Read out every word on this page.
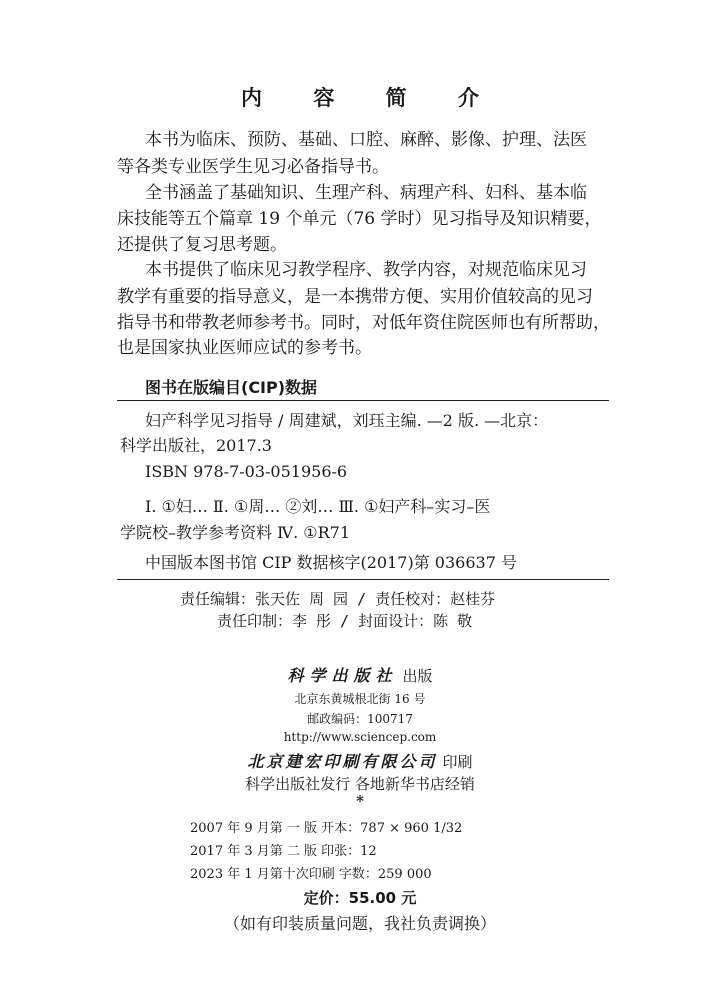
内 容 简 介
本书为临床、预防、基础、口腔、麻醉、影像、护理、法医
等各类专业医学生见习必备指导书。
全书涵盖了基础知识、生理产科、病理产科、妇科、基本临
床技能等五个篇章 19 个单元（76 学时）见习指导及知识精要，
还提供了复习思考题。
本书提供了临床见习教学程序、教学内容，对规范临床见习
教学有重要的指导意义，是一本携带方便、实用价值较高的见习
指导书和带教老师参考书。同时，对低年资住院医师也有所帮助，
也是国家执业医师应试的参考书。
图书在版编目(CIP)数据
妇产科学见习指导 / 周建斌，刘珏主编. —2 版. —北京：
科学出版社，2017.3
ISBN 978-7-03-051956-6
Ⅰ. ①妇… Ⅱ. ①周… ②刘… Ⅲ. ①妇产科–实习–医
学院校–教学参考资料 Ⅳ. ①R71
中国版本图书馆 CIP 数据核字(2017)第 036637 号
责任编辑：张天佐 周 园 / 责任校对：赵桂芬
责任印制：李 彤 / 封面设计：陈 敬
科学出版社 出版
北京东黄城根北街 16 号
邮政编码：100717
http://www.sciencep.com
北京建宏印刷有限公司 印刷
科学出版社发行 各地新华书店经销
*
2007 年 9 月第 一 版 开本：787 × 960 1/32
2017 年 3 月第 二 版 印张：12
2023 年 1 月第十次印刷 字数：259 000
定价：55.00 元
（如有印装质量问题，我社负责调换）
